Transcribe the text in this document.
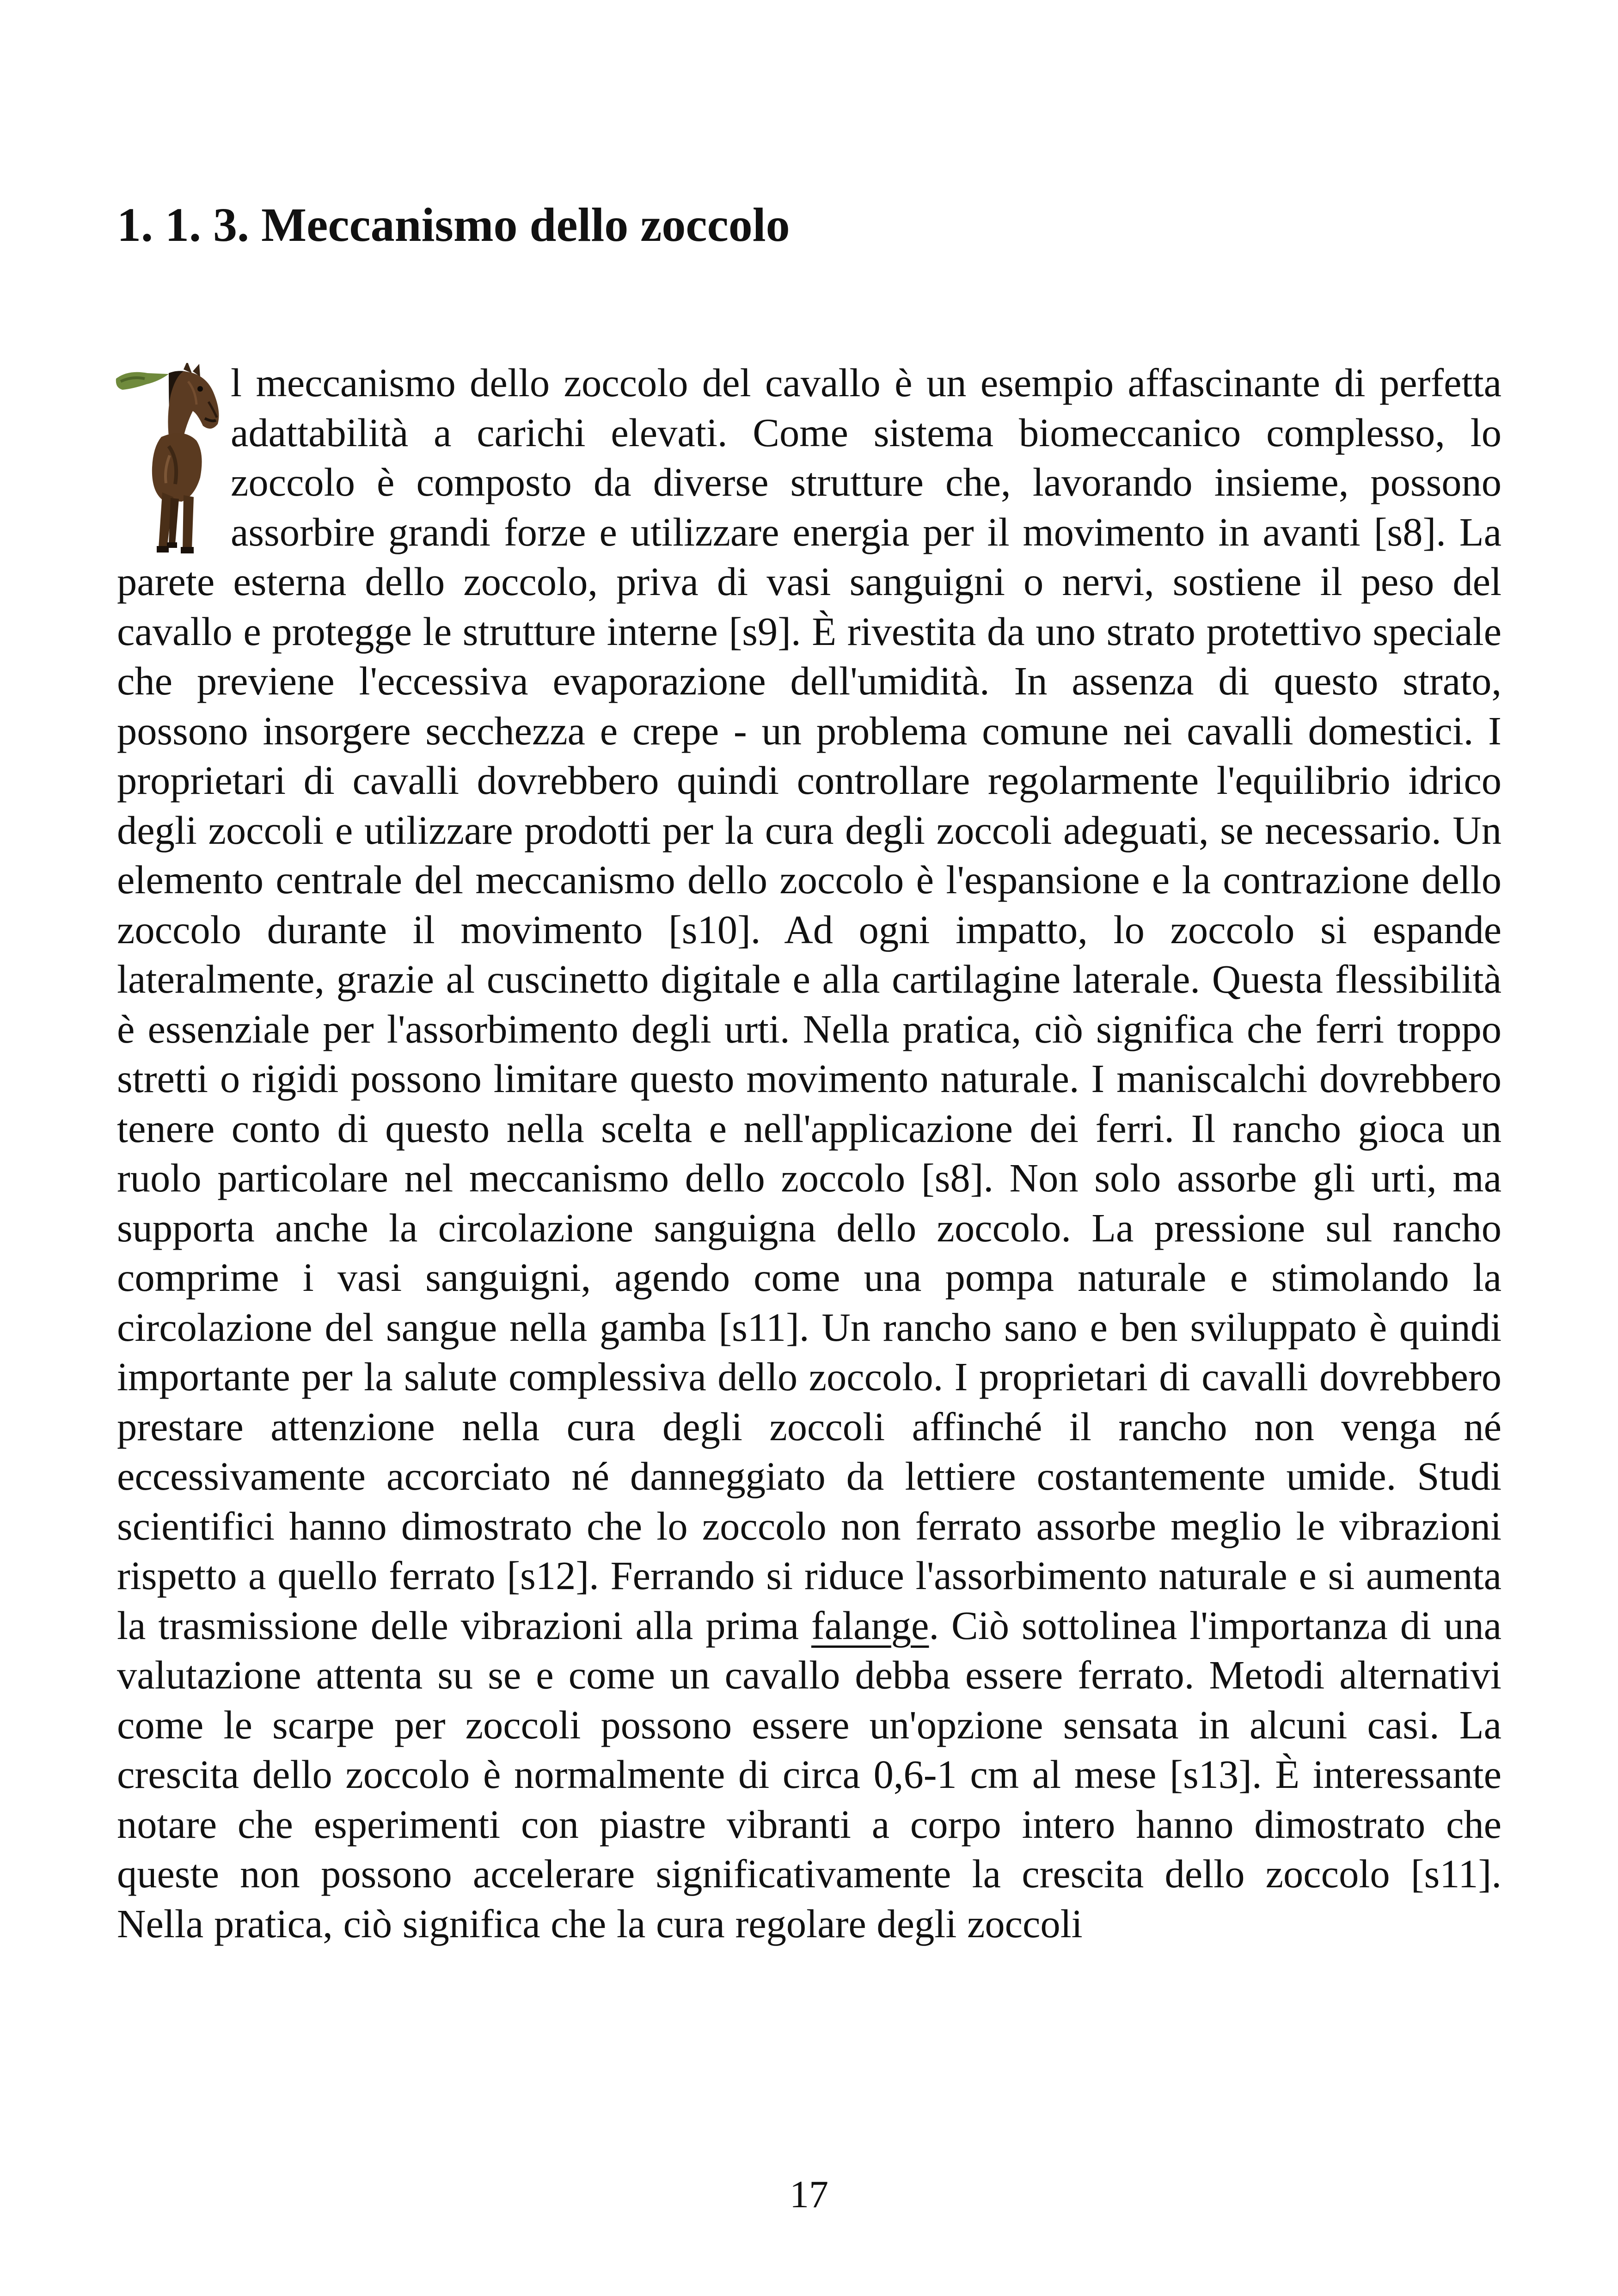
1. 1. 3. Meccanismo dello zoccolo

l meccanismo dello zoccolo del cavallo è un esempio affascinante di perfetta adattabilità a carichi elevati. Come sistema biomeccanico complesso, lo zoccolo è composto da diverse strutture che, lavorando insieme, possono assorbire grandi forze e utilizzare energia per il movimento in avanti [s8]. La parete esterna dello zoccolo, priva di vasi sanguigni o nervi, sostiene il peso del cavallo e protegge le strutture interne [s9]. È rivestita da uno strato protettivo speciale che previene l'eccessiva evaporazione dell'umidità. In assenza di questo strato, possono insorgere secchezza e crepe - un problema comune nei cavalli domestici. I proprietari di cavalli dovrebbero quindi controllare regolarmente l'equilibrio idrico degli zoccoli e utilizzare prodotti per la cura degli zoccoli adeguati, se necessario. Un elemento centrale del meccanismo dello zoccolo è l'espansione e la contrazione dello zoccolo durante il movimento [s10]. Ad ogni impatto, lo zoccolo si espande lateralmente, grazie al cuscinetto digitale e alla cartilagine laterale. Questa flessibilità è essenziale per l'assorbimento degli urti. Nella pratica, ciò significa che ferri troppo stretti o rigidi possono limitare questo movimento naturale. I maniscalchi dovrebbero tenere conto di questo nella scelta e nell'applicazione dei ferri. Il rancho gioca un ruolo particolare nel meccanismo dello zoccolo [s8]. Non solo assorbe gli urti, ma supporta anche la circolazione sanguigna dello zoccolo. La pressione sul rancho comprime i vasi sanguigni, agendo come una pompa naturale e stimolando la circolazione del sangue nella gamba [s11]. Un rancho sano e ben sviluppato è quindi importante per la salute complessiva dello zoccolo. I proprietari di cavalli dovrebbero prestare attenzione nella cura degli zoccoli affinché il rancho non venga né eccessivamente accorciato né danneggiato da lettiere costantemente umide. Studi scientifici hanno dimostrato che lo zoccolo non ferrato assorbe meglio le vibrazioni rispetto a quello ferrato [s12]. Ferrando si riduce l'assorbimento naturale e si aumenta la trasmissione delle vibrazioni alla prima falange. Ciò sottolinea l'importanza di una valutazione attenta su se e come un cavallo debba essere ferrato. Metodi alternativi come le scarpe per zoccoli possono essere un'opzione sensata in alcuni casi. La crescita dello zoccolo è normalmente di circa 0,6-1 cm al mese [s13]. È interessante notare che esperimenti con piastre vibranti a corpo intero hanno dimostrato che queste non possono accelerare significativamente la crescita dello zoccolo [s11]. Nella pratica, ciò significa che la cura regolare degli zoccoli

17
